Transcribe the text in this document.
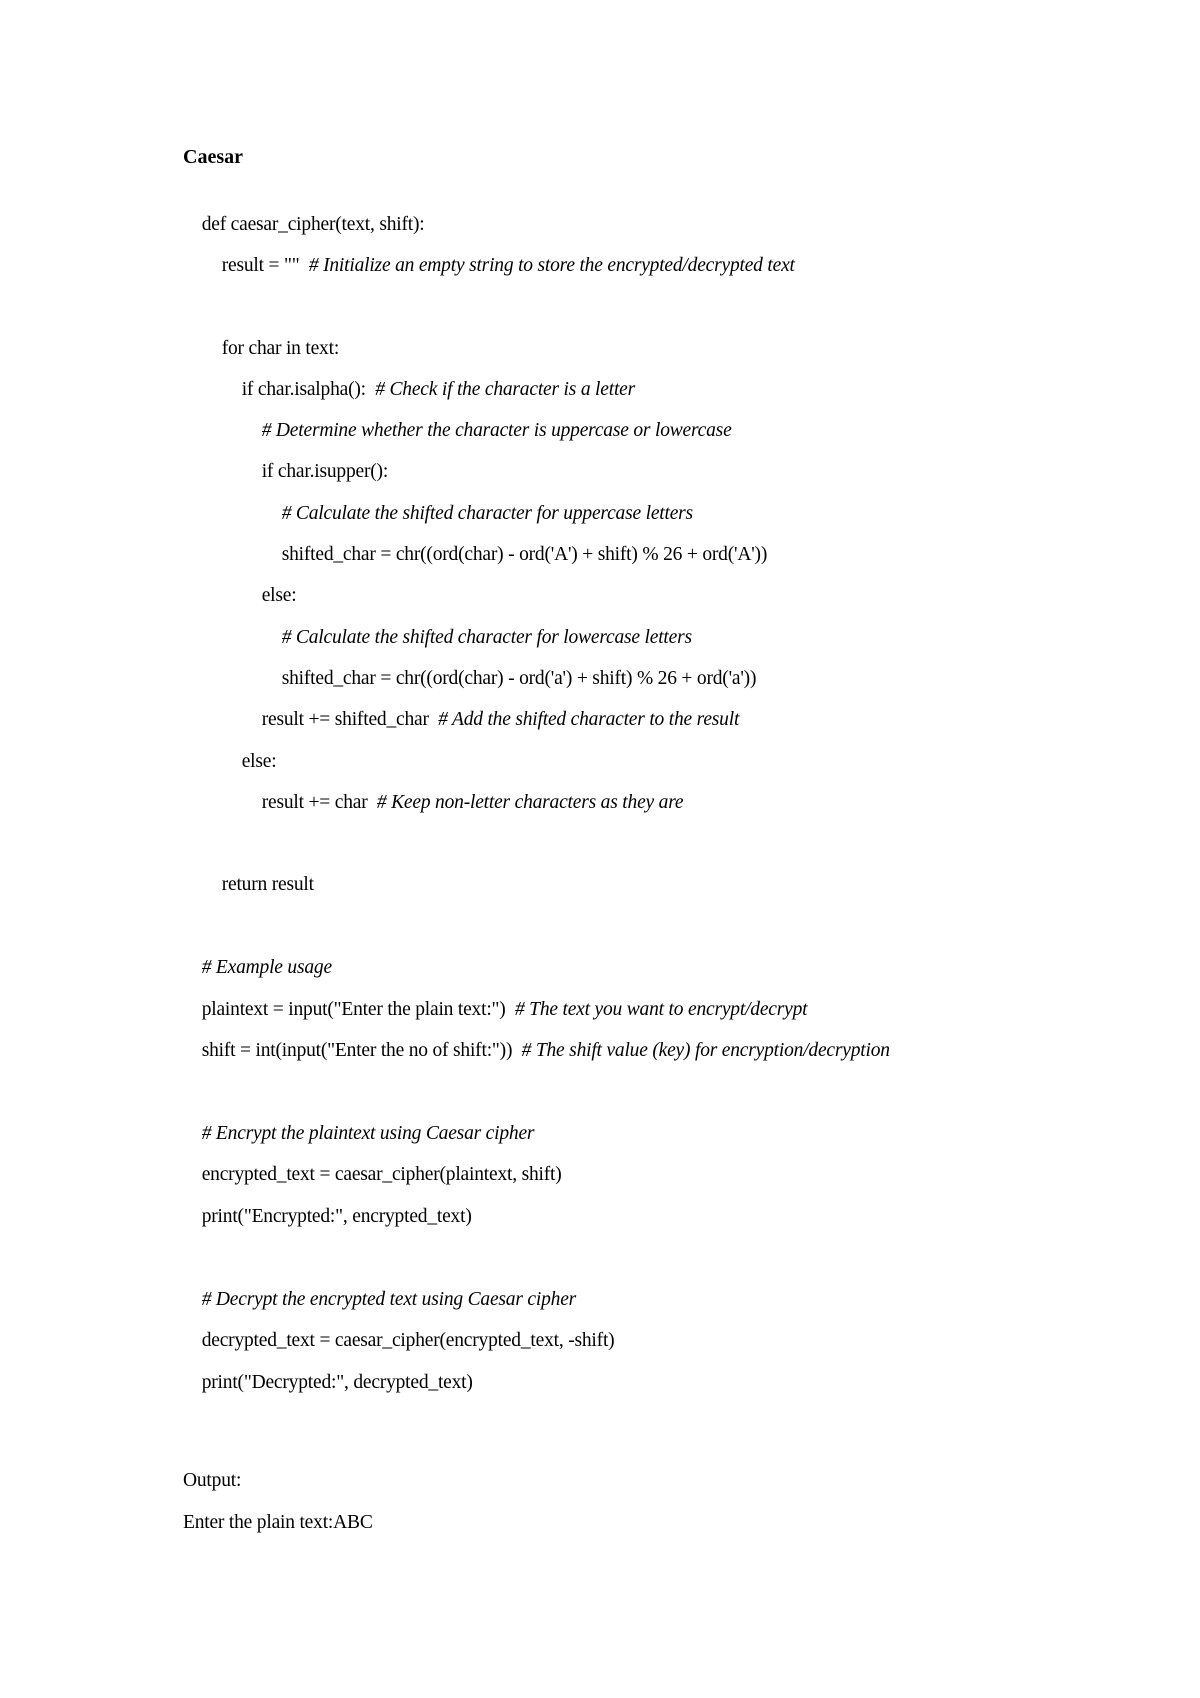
Caesar

def caesar_cipher(text, shift):

result = ""  # Initialize an empty string to store the encrypted/decrypted text

for char in text:

if char.isalpha():  # Check if the character is a letter

# Determine whether the character is uppercase or lowercase

if char.isupper():

# Calculate the shifted character for uppercase letters

shifted_char = chr((ord(char) - ord('A') + shift) % 26 + ord('A'))

else:

# Calculate the shifted character for lowercase letters

shifted_char = chr((ord(char) - ord('a') + shift) % 26 + ord('a'))

result += shifted_char  # Add the shifted character to the result

else:

result += char  # Keep non-letter characters as they are

return result

# Example usage

plaintext = input("Enter the plain text:")  # The text you want to encrypt/decrypt

shift = int(input("Enter the no of shift:"))  # The shift value (key) for encryption/decryption

# Encrypt the plaintext using Caesar cipher

encrypted_text = caesar_cipher(plaintext, shift)

print("Encrypted:", encrypted_text)

# Decrypt the encrypted text using Caesar cipher

decrypted_text = caesar_cipher(encrypted_text, -shift)

print("Decrypted:", decrypted_text)

Output:
Enter the plain text:ABC
